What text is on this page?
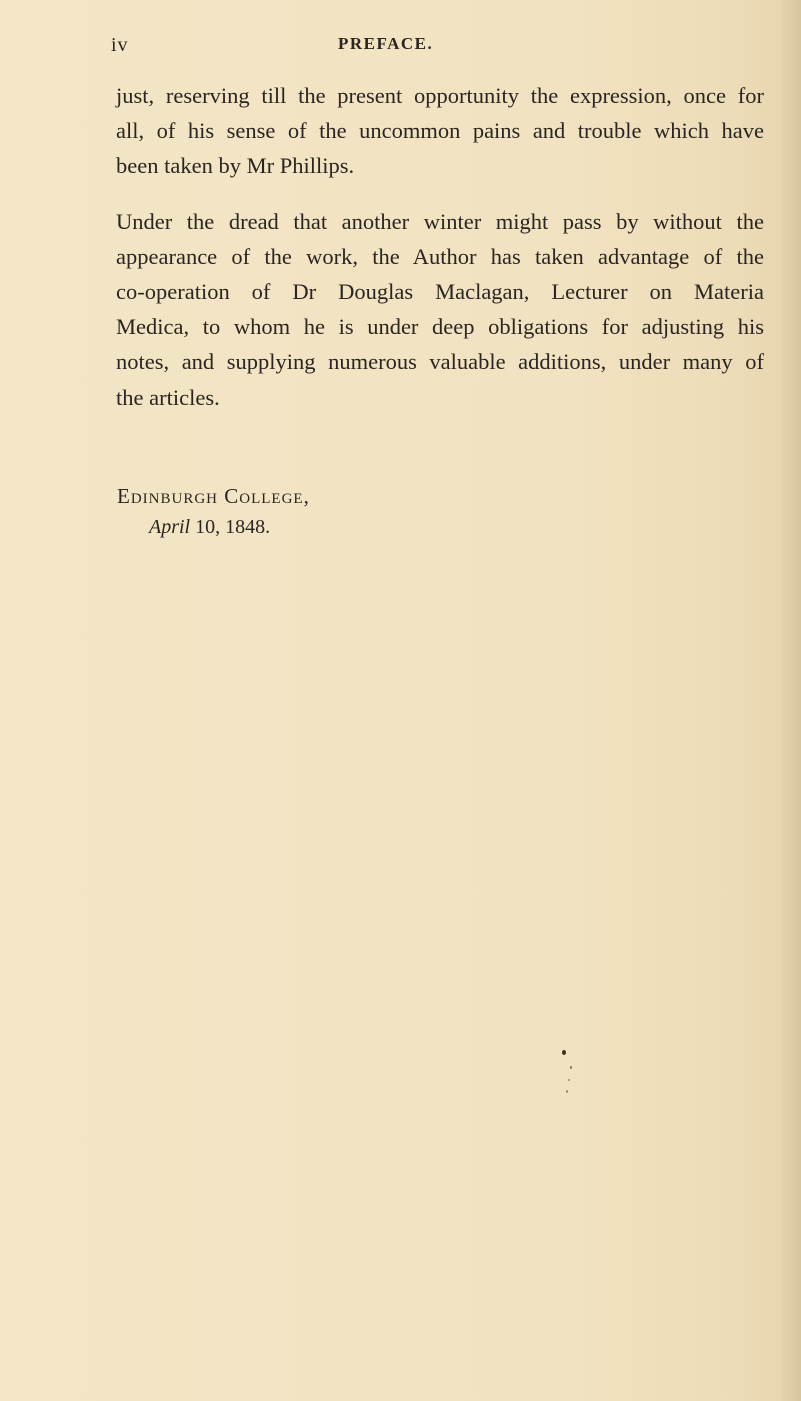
iv	PREFACE.

just, reserving till the present opportunity the expression, once for
all, of his sense of the uncommon pains and trouble which have
been taken by Mr Phillips.

Under the dread that another winter might pass by without the
appearance of the work, the Author has taken advantage of the
co-operation of Dr Douglas Maclagan, Lecturer on Materia
Medica, to whom he is under deep obligations for adjusting his
notes, and supplying numerous valuable additions, under many of
the articles.

Edinburgh College,
April 10, 1848.
